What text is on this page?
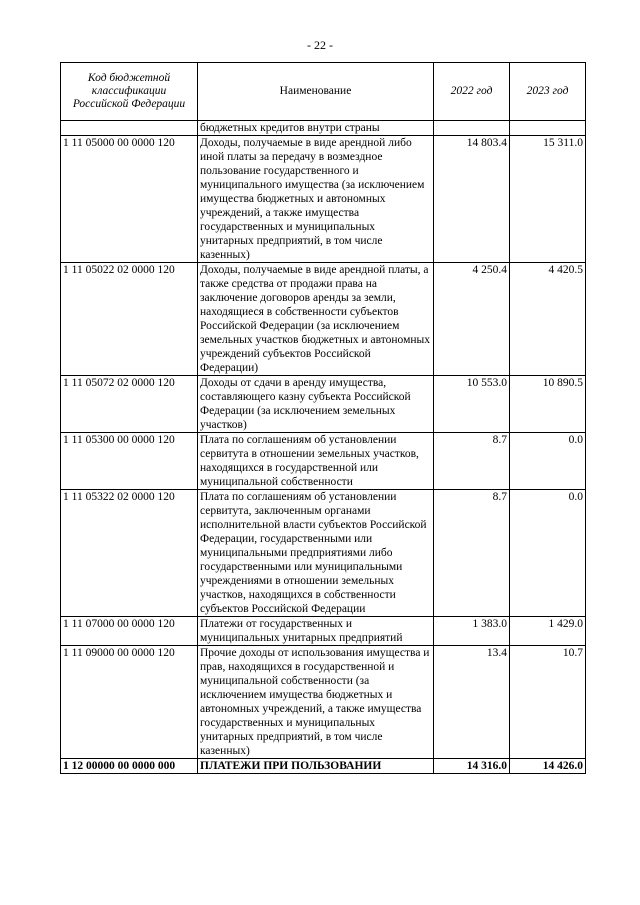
- 22 -
Код бюджетной классификации Российской Федерации	Наименование	2022 год	2023 год
	бюджетных кредитов внутри страны		
1 11 05000 00 0000 120	Доходы, получаемые в виде арендной либо иной платы за передачу в возмездное пользование государственного и муниципального имущества (за исключением имущества бюджетных и автономных учреждений, а также имущества государственных и муниципальных унитарных предприятий, в том числе казенных)	14 803.4	15 311.0
1 11 05022 02 0000 120	Доходы, получаемые в виде арендной платы, а также средства от продажи права на заключение договоров аренды за земли, находящиеся в собственности субъектов Российской Федерации (за исключением земельных участков бюджетных и автономных учреждений субъектов Российской Федерации)	4 250.4	4 420.5
1 11 05072 02 0000 120	Доходы от сдачи в аренду имущества, составляющего казну субъекта Российской Федерации (за исключением земельных участков)	10 553.0	10 890.5
1 11 05300 00 0000 120	Плата по соглашениям об установлении сервитута в отношении земельных участков, находящихся в государственной или муниципальной собственности	8.7	0.0
1 11 05322 02 0000 120	Плата по соглашениям об установлении сервитута, заключенным органами исполнительной власти субъектов Российской Федерации, государственными или муниципальными предприятиями либо государственными или муниципальными учреждениями в отношении земельных участков, находящихся в собственности субъектов Российской Федерации	8.7	0.0
1 11 07000 00 0000 120	Платежи от государственных и муниципальных унитарных предприятий	1 383.0	1 429.0
1 11 09000 00 0000 120	Прочие доходы от использования имущества и прав, находящихся в государственной и муниципальной собственности (за исключением имущества бюджетных и автономных учреждений, а также имущества государственных и муниципальных унитарных предприятий, в том числе казенных)	13.4	10.7
1 12 00000 00 0000 000	ПЛАТЕЖИ ПРИ ПОЛЬЗОВАНИИ	14 316.0	14 426.0
